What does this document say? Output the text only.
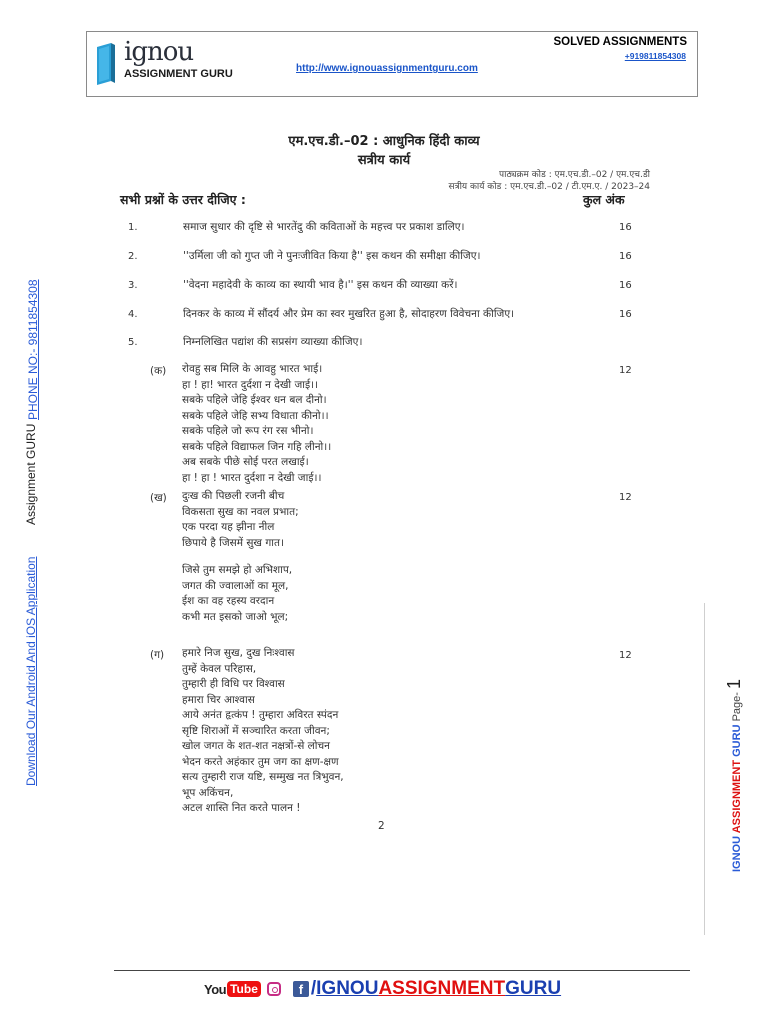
ignou
ASSIGNMENT GURU	http://www.ignouassignmentguru.com
SOLVED ASSIGNMENTS
+919811854308
PHONE NO:- 9811854308
Assignment GURU
Download Our Android And iOS Application
IGNOU ASSIGNMENT GURU Page- 1
एम.एच.डी.–02 : आधुनिक हिंदी काव्य
सत्रीय कार्य
पाठ्यक्रम कोड : एम.एच.डी.–02 / एम.एच.डी
सत्रीय कार्य कोड : एम.एच.डी.–02 / टी.एम.ए. / 2023–24
सभी प्रश्नों के उत्तर दीजिए :	कुल अंक
1.	समाज सुधार की दृष्टि से भारतेंदु की कविताओं के महत्त्व पर प्रकाश डालिए।	16
2.	''उर्मिला जी को गुप्त जी ने पुनःजीवित किया है'' इस कथन की समीक्षा कीजिए।	16
3.	''वेदना महादेवी के काव्य का स्थायी भाव है।'' इस कथन की व्याख्या करें।	16
4.	दिनकर के काव्य में सौंदर्य और प्रेम का स्वर मुखरित हुआ है, सोदाहरण विवेचना कीजिए।	16
5.	निम्नलिखित पद्यांश की सप्रसंग व्याख्या कीजिए।
(क)	12
रोवहु सब मिलि के आवहु भारत भाई।
हा ! हा! भारत दुर्दशा न देखी जाई।।
सबके पहिले जेहि ईश्वर धन बल दीनो।
सबके पहिले जेहि सभ्य विधाता कीनो।।
सबके पहिले जो रूप रंग रस भीनो।
सबके पहिले विद्याफल जिन गहि लीनो।।
अब सबके पीछे सोई परत लखाई।
हा ! हा ! भारत दुर्दशा न देखी जाई।।
(ख)	12
दुःख की पिछली रजनी बीच
विकसता सुख का नवल प्रभात;
एक परदा यह झीना नील
छिपाये है जिसमें सुख गात।
जिसे तुम समझे हो अभिशाप,
जगत की ज्वालाओं का मूल,
ईश का वह रहस्य वरदान
कभी मत इसको जाओ भूल;
(ग)	12
हमारे निज सुख, दुख निःश्वास
तुम्हें केवल परिहास,
तुम्हारी ही विधि पर विश्वास
हमारा चिर आश्वास
आये अनंत हृत्कंप ! तुम्हारा अविरत स्पंदन
सृष्टि शिराओं में सञ्चारित करता जीवन;
खोल जगत के शत-शत नक्षत्रों-से लोचन
भेदन करते अहंकार तुम जग का क्षण-क्षण
सत्य तुम्हारी राज यष्टि, सम्मुख नत त्रिभुवन,
भूप अकिंचन,
अटल शास्ति नित करते पालन !
2
You Tube	f / IGNOU ASSIGNMENT GURU
